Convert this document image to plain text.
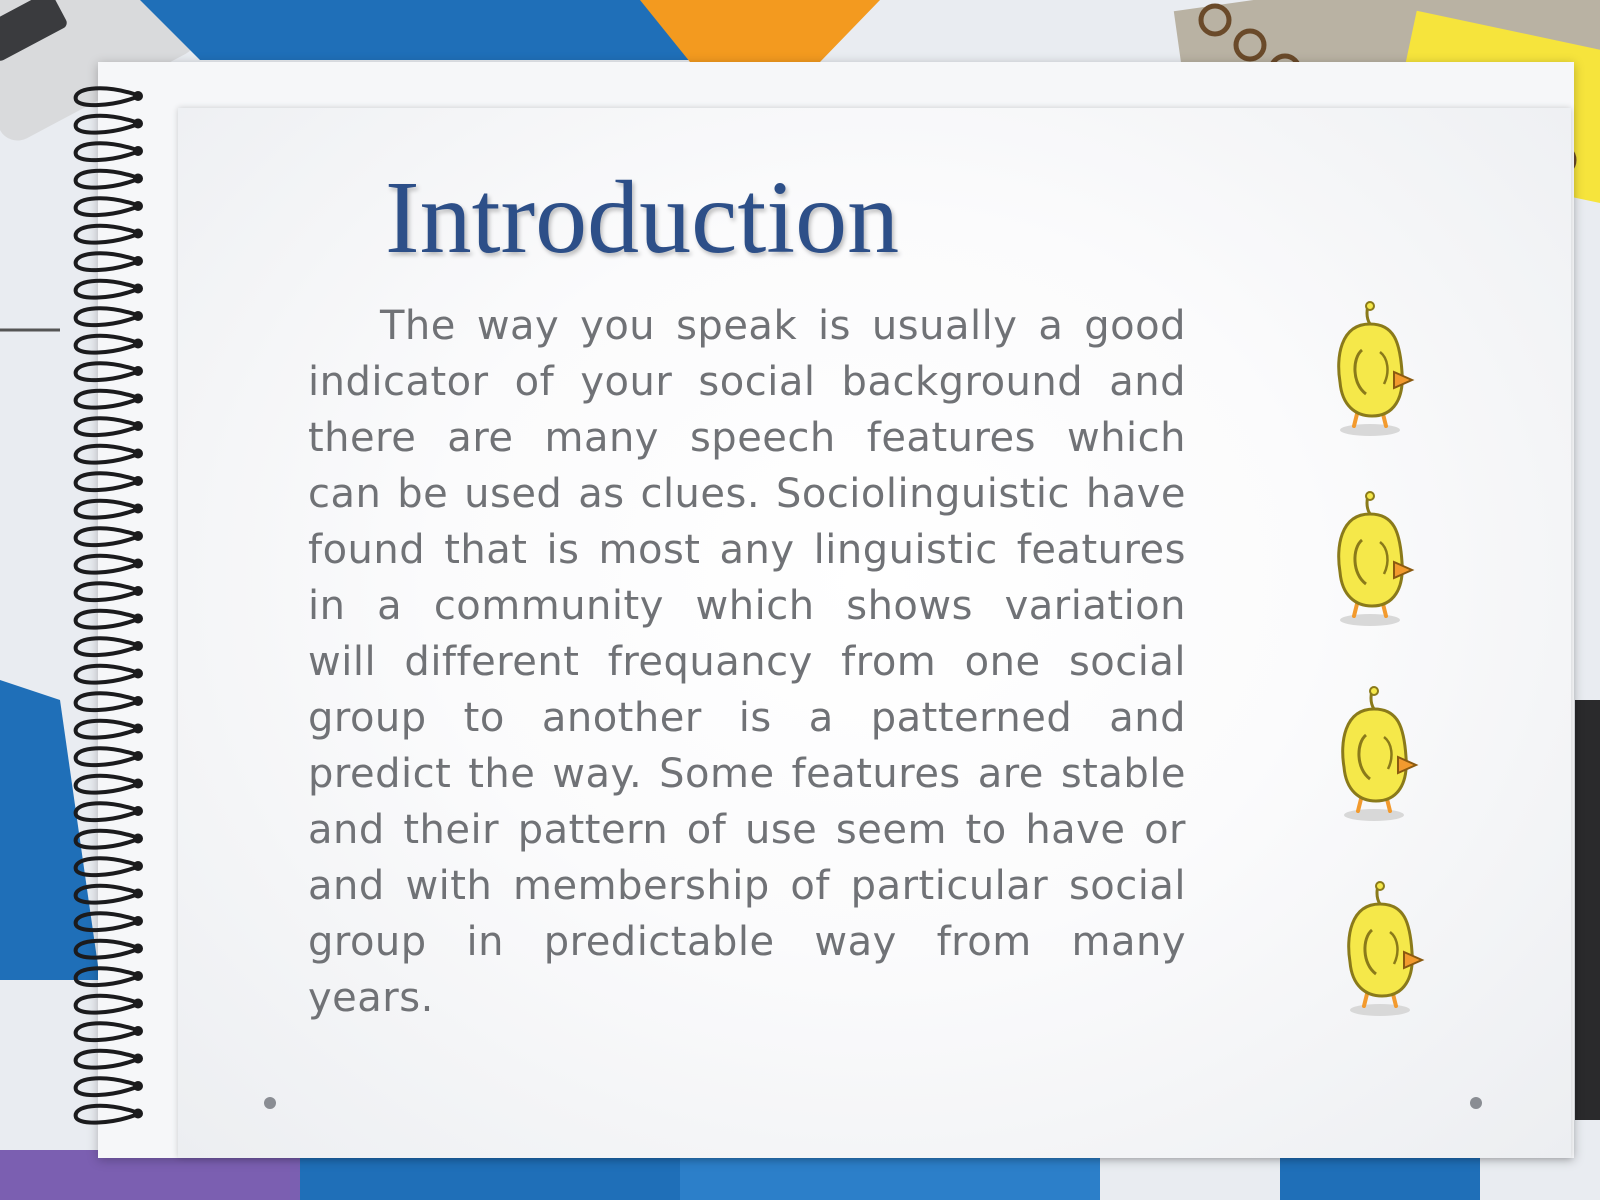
Introduction

The way you speak is usually a good indicator of your social background and there are many speech features which can be used as clues. Sociolinguistic have found that is most any linguistic features in a community which shows variation will different frequancy from one social group to another is a patterned and predict the way. Some features are stable and their pattern of use seem to have or and with membership of particular social group in predictable way from many years.
